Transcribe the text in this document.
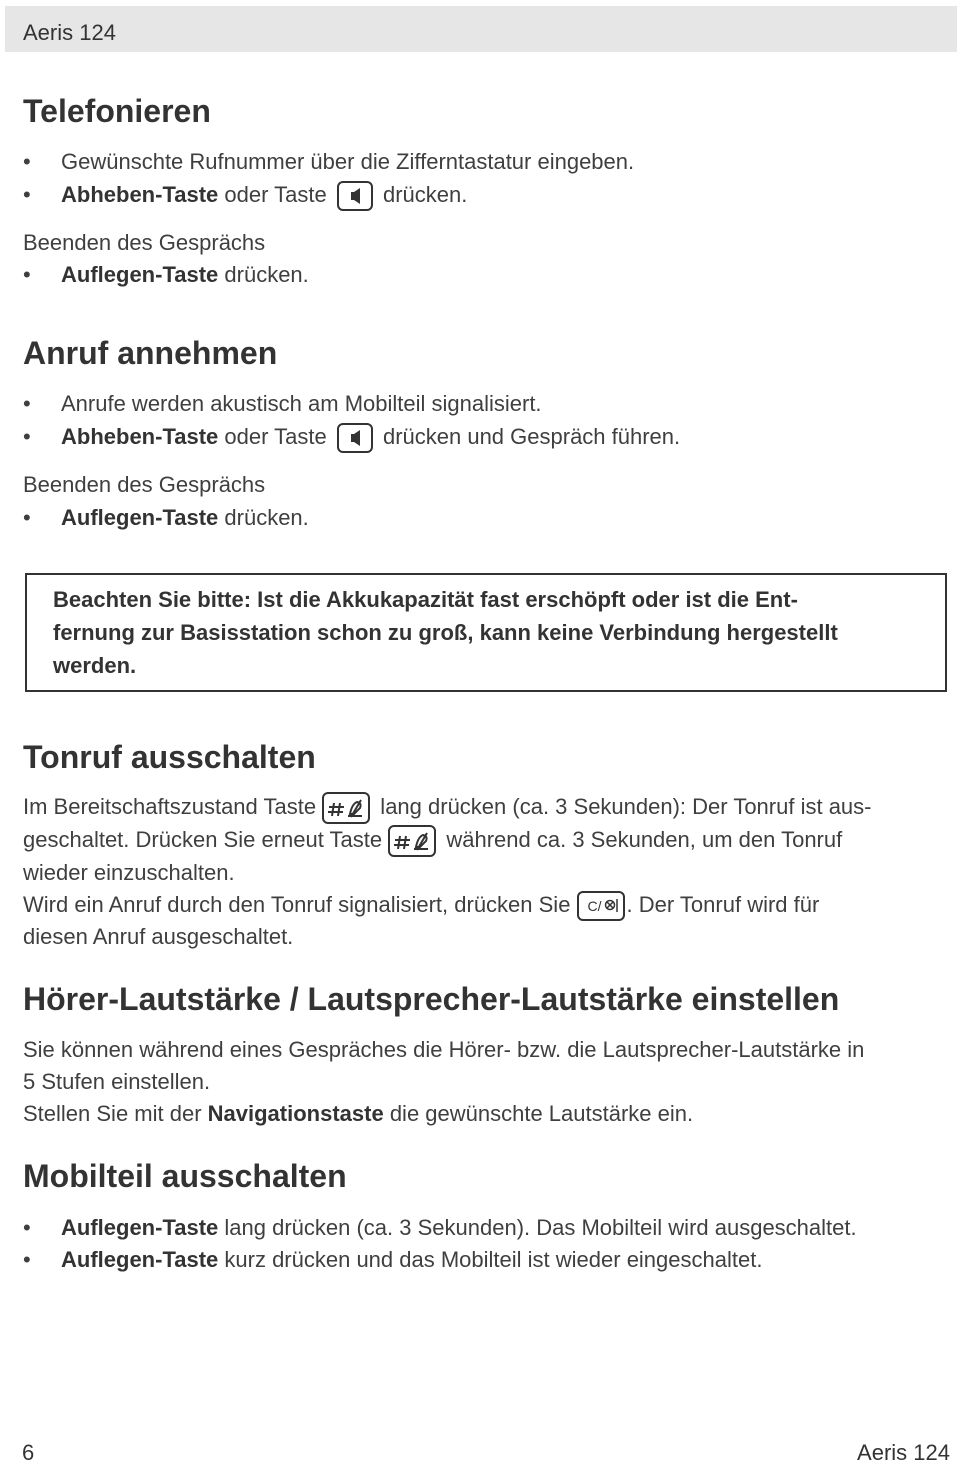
Aeris 124
Telefonieren
• Gewünschte Rufnummer über die Zifferntastatur eingeben.
• Abheben-Taste oder Taste
drücken.
Beenden des Gesprächs
• Auflegen-Taste drücken.
Anruf annehmen
• Anrufe werden akustisch am Mobilteil signalisiert.
• Abheben-Taste oder Taste
drücken und Gespräch führen.
Beenden des Gesprächs
• Auflegen-Taste drücken.
Tonruf ausschalten
Im Bereitschaftszustand Taste
lang drücken (ca. 3 Sekunden): Der Tonruf ist aus-
geschaltet. Drücken Sie erneut Taste
während ca. 3 Sekunden, um den Tonruf
wieder einzuschalten.
Wird ein Anruf durch den Tonruf signalisiert, drücken Sie C/ . Der Tonruf wird für
diesen Anruf ausgeschaltet.
Hörer-Lautstärke / Lautsprecher-Lautstärke einstellen
Sie können während eines Gespräches die Hörer- bzw. die Lautsprecher-Lautstärke in
5 Stufen einstellen.
Stellen Sie mit der Navigationstaste die gewünschte Lautstärke ein.
Mobilteil ausschalten
• Auflegen-Taste lang drücken (ca. 3 Sekunden). Das Mobilteil wird ausgeschaltet.
• Auflegen-Taste kurz drücken und das Mobilteil ist wieder eingeschaltet.
Beachten Sie bitte: Ist die Akkukapazität fast erschöpft oder ist die Ent-
fernung zur Basisstation schon zu groß, kann keine Verbindung hergestellt
werden.
6	Aeris 124
